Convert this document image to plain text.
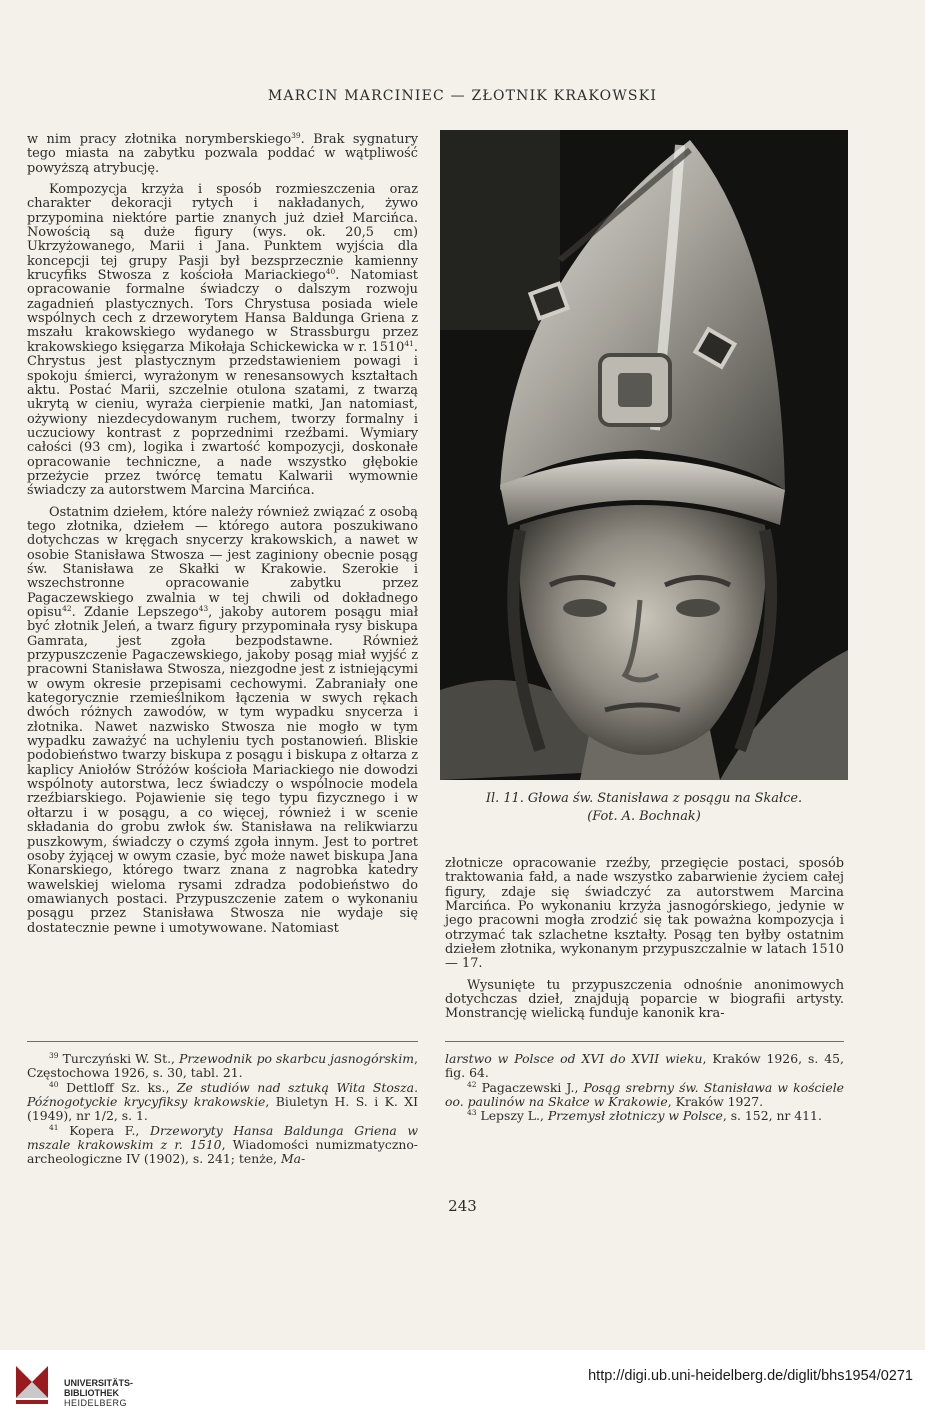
MARCIN MARCINIEC — ZŁOTNIK KRAKOWSKI

w nim pracy złotnika norymberskiego$^{39}$. Brak sygnatury tego miasta na zabytku pozwala poddać w wątpliwość powyższą atrybucję.

Kompozycja krzyża i sposób rozmieszczenia oraz charakter dekoracji rytych i nakładanych, żywo przypomina niektóre partie znanych już dzieł Marcińca. Nowością są duże figury (wys. ok. 20,5 cm) Ukrzyżowanego, Marii i Jana. Punktem wyjścia dla koncepcji tej grupy Pasji był bezsprzecznie kamienny krucyfiks Stwosza z kościoła Mariackiego$^{40}$. Natomiast opracowanie formalne świadczy o dalszym rozwoju zagadnień plastycznych. Tors Chrystusa posiada wiele wspólnych cech z drzeworytem Hansa Baldunga Griena z mszału krakowskiego wydanego w Strassburgu przez krakowskiego księgarza Mikołaja Schickewicka w r. 1510$^{41}$. Chrystus jest plastycznym przedstawieniem powagi i spokoju śmierci, wyrażonym w renesansowych kształtach aktu. Postać Marii, szczelnie otulona szatami, z twarzą ukrytą w cieniu, wyraża cierpienie matki, Jan natomiast, ożywiony niezdecydowanym ruchem, tworzy formalny i uczuciowy kontrast z poprzednimi rzeźbami. Wymiary całości (93 cm), logika i zwartość kompozycji, doskonałe opracowanie techniczne, a nade wszystko głębokie przeżycie przez twórcę tematu Kalwarii wymownie świadczy za autorstwem Marcina Marcińca.

Ostatnim dziełem, które należy również związać z osobą tego złotnika, dziełem — którego autora poszukiwano dotychczas w kręgach snycerzy krakowskich, a nawet w osobie Stanisława Stwosza — jest zaginiony obecnie posąg św. Stanisława ze Skałki w Krakowie. Szerokie i wszechstronne opracowanie zabytku przez Pagaczewskiego zwalnia w tej chwili od dokładnego opisu$^{42}$. Zdanie Lepszego$^{43}$, jakoby autorem posągu miał być złotnik Jeleń, a twarz figury przypominała rysy biskupa Gamrata, jest zgoła bezpodstawne. Również przypuszczenie Pagaczewskiego, jakoby posąg miał wyjść z pracowni Stanisława Stwosza, niezgodne jest z istniejącymi w owym okresie przepisami cechowymi. Zabraniały one kategorycznie rzemieślnikom łączenia w swych rękach dwóch różnych zawodów, w tym wypadku snycerza i złotnika. Nawet nazwisko Stwosza nie mogło w tym wypadku zaważyć na uchyleniu tych postanowień. Bliskie podobieństwo twarzy biskupa z posągu i biskupa z ołtarza z kaplicy Aniołów Stróżów kościoła Mariackiego nie dowodzi wspólnoty autorstwa, lecz świadczy o wspólnocie modela rzeźbiarskiego. Pojawienie się tego typu fizycznego i w ołtarzu i w posągu, a co więcej, również i w scenie składania do grobu zwłok św. Stanisława na relikwiarzu puszkowym, świadczy o czymś zgoła innym. Jest to portret osoby żyjącej w owym czasie, być może nawet biskupa Jana Konarskiego, którego twarz znana z nagrobka katedry wawelskiej wieloma rysami zdradza podobieństwo do omawianych postaci. Przypuszczenie zatem o wykonaniu posągu przez Stanisława Stwosza nie wydaje się dostatecznie pewne i umotywowane. Natomiast

Il. 11. Głowa św. Stanisława z posągu na Skałce.
(Fot. A. Bochnak)

złotnicze opracowanie rzeźby, przegięcie postaci, sposób traktowania fałd, a nade wszystko zabarwienie życiem całej figury, zdaje się świadczyć za autorstwem Marcina Marcińca. Po wykonaniu krzyża jasnogórskiego, jedynie w jego pracowni mogła zrodzić się tak poważna kompozycja i otrzymać tak szlachetne kształty. Posąg ten byłby ostatnim dziełem złotnika, wykonanym przypuszczalnie w latach 1510 — 17.

Wysunięte tu przypuszczenia odnośnie anonimowych dotychczas dzieł, znajdują poparcie w biografii artysty. Monstrancję wielicką funduje kanonik kra-

$^{39}$ Turczyński W. St., Przewodnik po skarbcu jasnogórskim, Częstochowa 1926, s. 30, tabl. 21.

$^{40}$ Dettloff Sz. ks., Ze studiów nad sztuką Wita Stosza. Późnogotyckie krycyfiksy krakowskie, Biuletyn H. S. i K. XI (1949), nr 1/2, s. 1.

$^{41}$ Kopera F., Drzeworyty Hansa Baldunga Griena w mszale krakowskim z r. 1510, Wiadomości numizmatyczno-archeologiczne IV (1902), s. 241; tenże, Ma-

larstwo w Polsce od XVI do XVII wieku, Kraków 1926, s. 45, fig. 64.

$^{42}$ Pagaczewski J., Posąg srebrny św. Stanisława w kościele oo. paulinów na Skałce w Krakowie, Kraków 1927.

$^{43}$ Lepszy L., Przemysł złotniczy w Polsce, s. 152, nr 411.

243
UNIVERSITÄTS-
BIBLIOTHEK
HEIDELBERG
http://digi.ub.uni-heidelberg.de/diglit/bhs1954/0271
